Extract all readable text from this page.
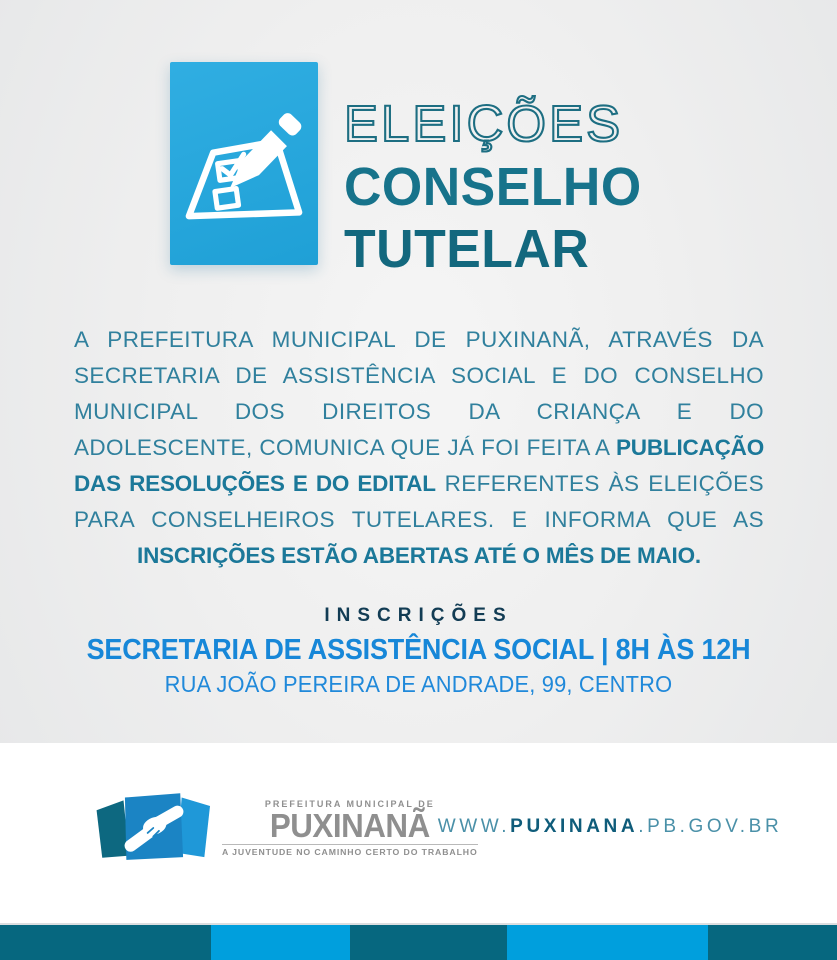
ELEIÇÕES
CONSELHO
TUTELAR

A PREFEITURA MUNICIPAL DE PUXINANÃ, ATRAVÉS DA SECRETARIA DE ASSISTÊNCIA SOCIAL E DO CONSELHO MUNICIPAL DOS DIREITOS DA CRIANÇA E DO ADOLESCENTE, COMUNICA QUE JÁ FOI FEITA A PUBLICAÇÃO DAS RESOLUÇÕES E DO EDITAL REFERENTES ÀS ELEIÇÕES PARA CONSELHEIROS TUTELARES. E INFORMA QUE AS INSCRIÇÕES ESTÃO ABERTAS ATÉ O MÊS DE MAIO.

INSCRIÇÕES
SECRETARIA DE ASSISTÊNCIA SOCIAL | 8H ÀS 12H
RUA JOÃO PEREIRA DE ANDRADE, 99, CENTRO
PREFEITURA MUNICIPAL DE
PUXINANÃ
A JUVENTUDE NO CAMINHO CERTO DO TRABALHO
WWW.PUXINANA.PB.GOV.BR
